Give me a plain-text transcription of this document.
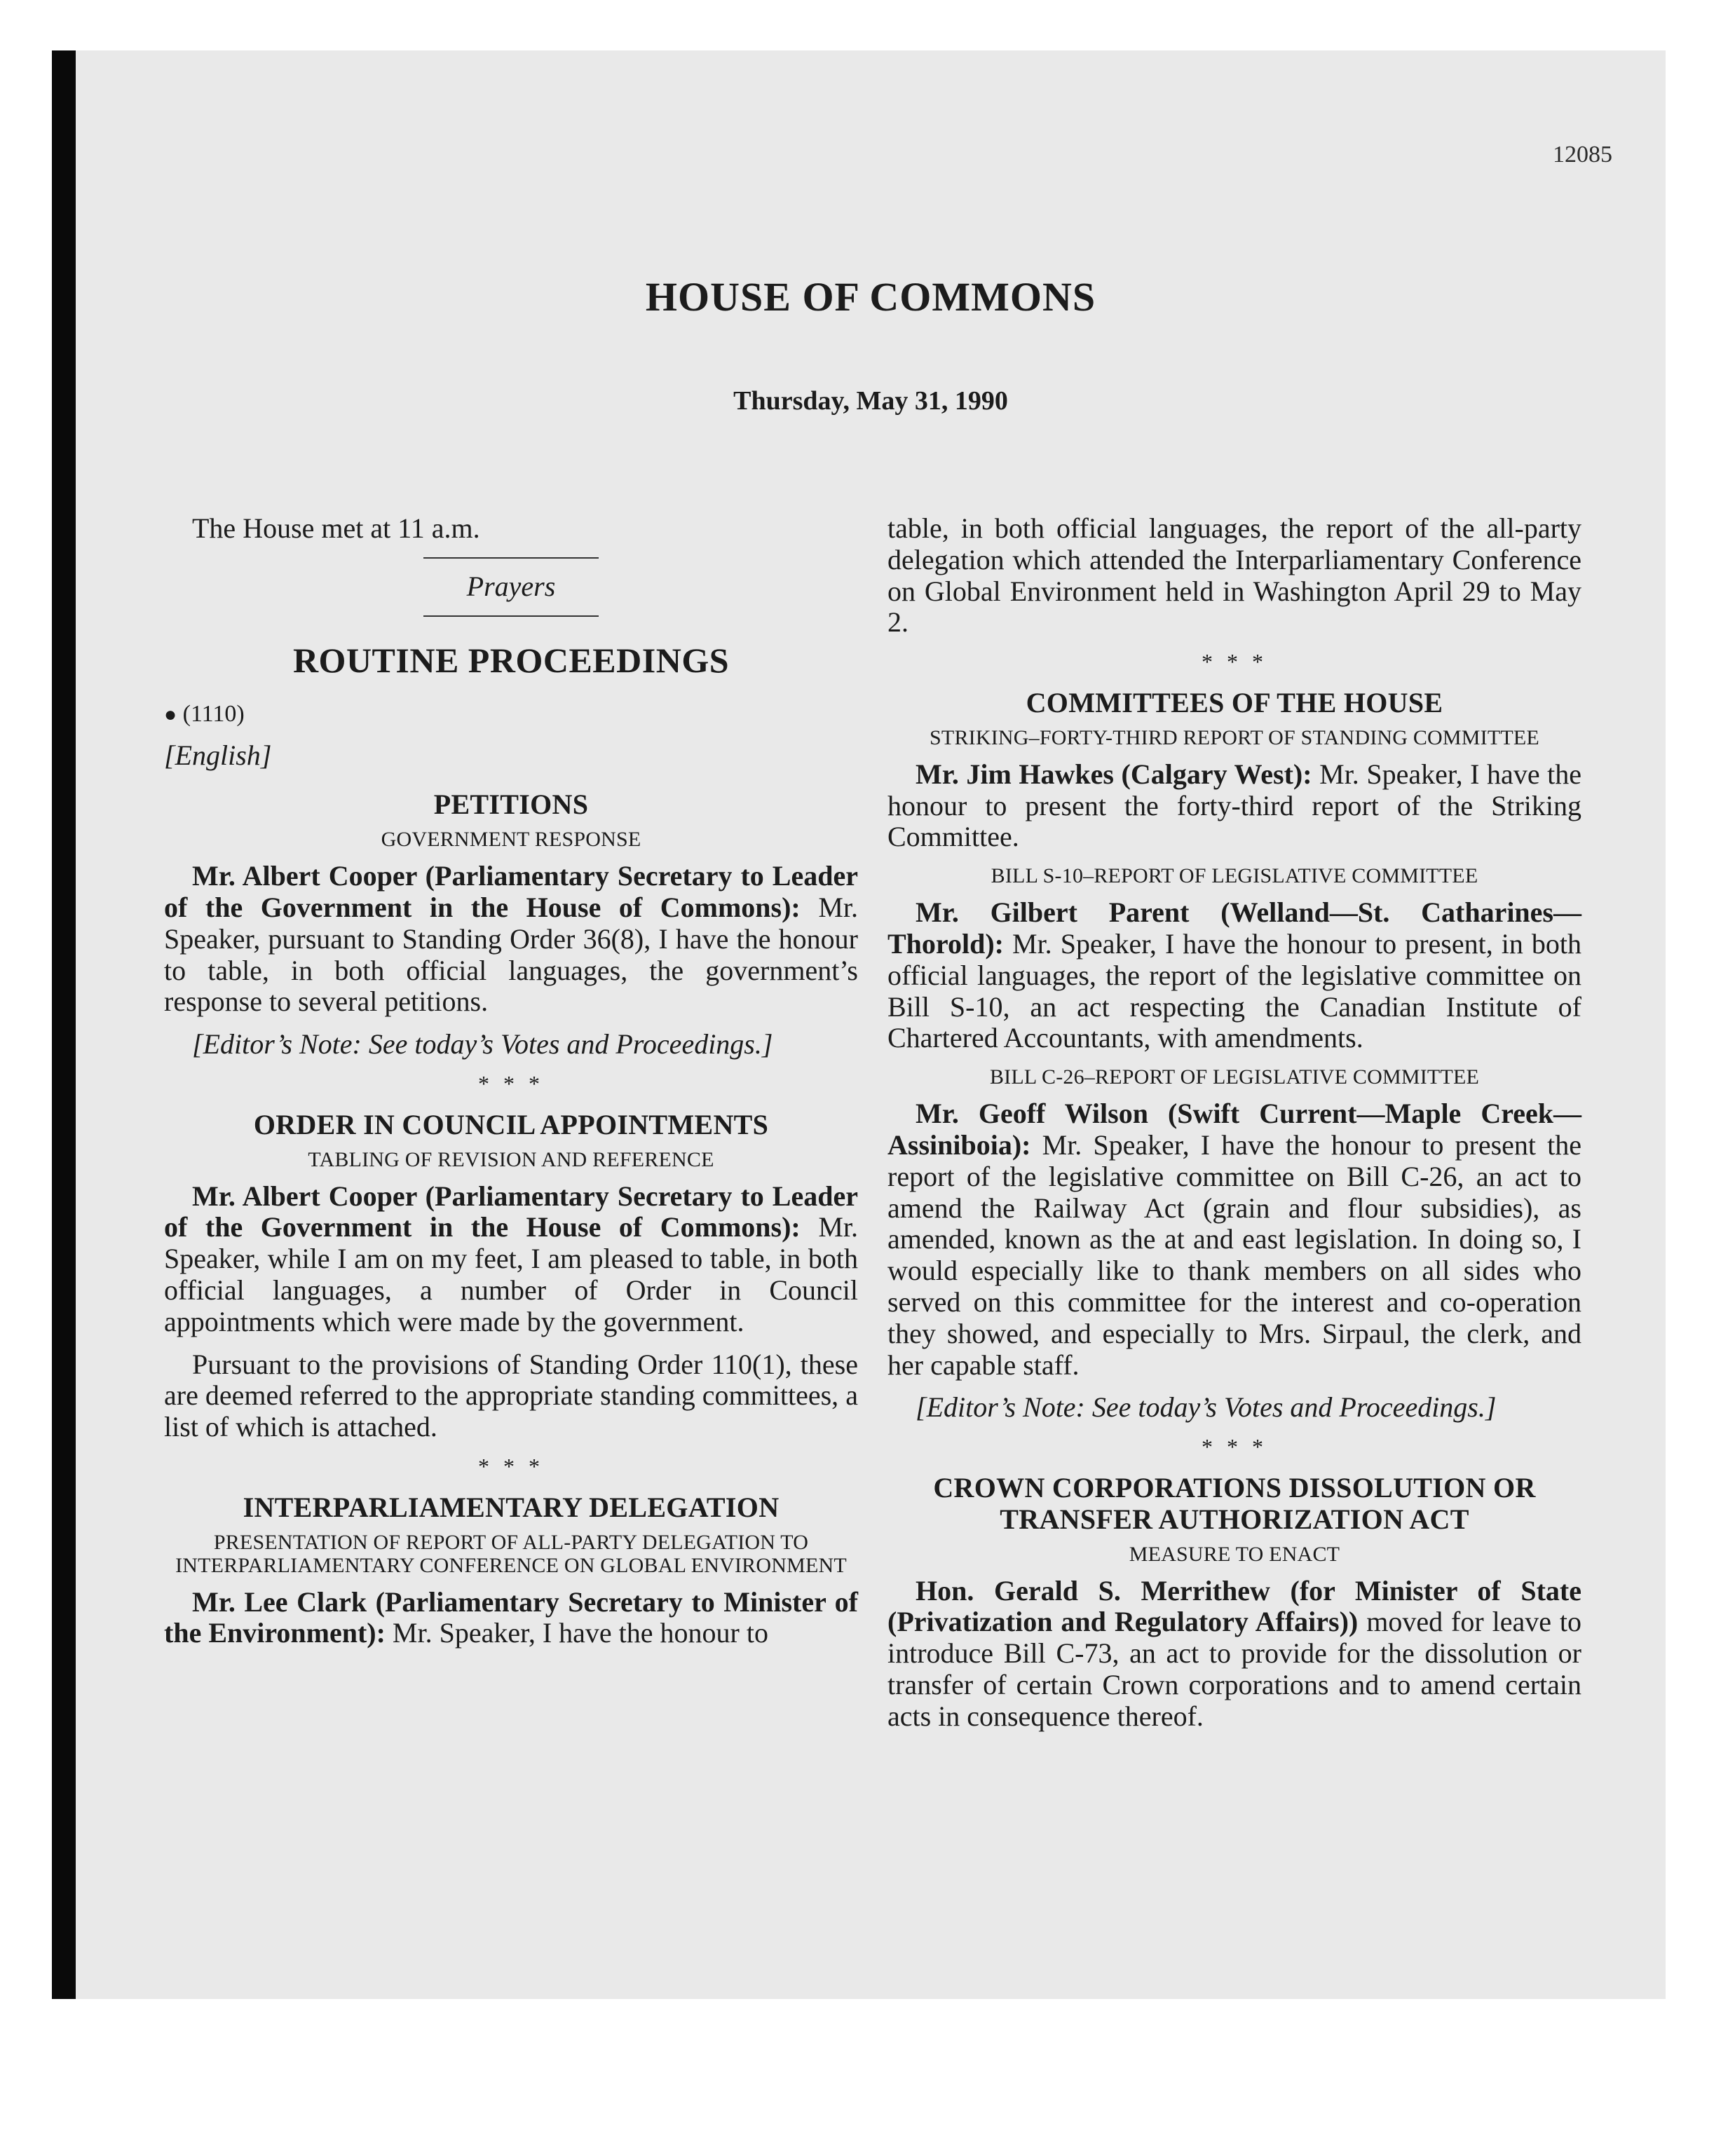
12085
HOUSE OF COMMONS
Thursday, May 31, 1990

The House met at 11 a.m.

Prayers

ROUTINE PROCEEDINGS
● (1110)
[English]
PETITIONS
GOVERNMENT RESPONSE

Mr. Albert Cooper (Parliamentary Secretary to Leader of the Government in the House of Commons): Mr. Speaker, pursuant to Standing Order 36(8), I have the honour to table, in both official languages, the government’s response to several petitions.

[Editor’s Note: See today’s Votes and Proceedings.]

* * *
ORDER IN COUNCIL APPOINTMENTS
TABLING OF REVISION AND REFERENCE

Mr. Albert Cooper (Parliamentary Secretary to Leader of the Government in the House of Commons): Mr. Speaker, while I am on my feet, I am pleased to table, in both official languages, a number of Order in Council appointments which were made by the government.

Pursuant to the provisions of Standing Order 110(1), these are deemed referred to the appropriate standing committees, a list of which is attached.

* * *
INTERPARLIAMENTARY DELEGATION
PRESENTATION OF REPORT OF ALL-PARTY DELEGATION TO INTERPARLIAMENTARY CONFERENCE ON GLOBAL ENVIRONMENT

Mr. Lee Clark (Parliamentary Secretary to Minister of the Environment): Mr. Speaker, I have the honour to

table, in both official languages, the report of the all-party delegation which attended the Interparliamentary Conference on Global Environment held in Washington April 29 to May 2.

* * *
COMMITTEES OF THE HOUSE
STRIKING–FORTY-THIRD REPORT OF STANDING COMMITTEE

Mr. Jim Hawkes (Calgary West): Mr. Speaker, I have the honour to present the forty-third report of the Striking Committee.

BILL S-10–REPORT OF LEGISLATIVE COMMITTEE

Mr. Gilbert Parent (Welland—St. Catharines—Thorold): Mr. Speaker, I have the honour to present, in both official languages, the report of the legislative committee on Bill S-10, an act respecting the Canadian Institute of Chartered Accountants, with amendments.

BILL C-26–REPORT OF LEGISLATIVE COMMITTEE

Mr. Geoff Wilson (Swift Current—Maple Creek—Assiniboia): Mr. Speaker, I have the honour to present the report of the legislative committee on Bill C-26, an act to amend the Railway Act (grain and flour subsidies), as amended, known as the at and east legislation. In doing so, I would especially like to thank members on all sides who served on this committee for the interest and co-operation they showed, and especially to Mrs. Sirpaul, the clerk, and her capable staff.

[Editor’s Note: See today’s Votes and Proceedings.]

* * *
CROWN CORPORATIONS DISSOLUTION OR TRANSFER AUTHORIZATION ACT
MEASURE TO ENACT

Hon. Gerald S. Merrithew (for Minister of State (Privatization and Regulatory Affairs)) moved for leave to introduce Bill C-73, an act to provide for the dissolution or transfer of certain Crown corporations and to amend certain acts in consequence thereof.
